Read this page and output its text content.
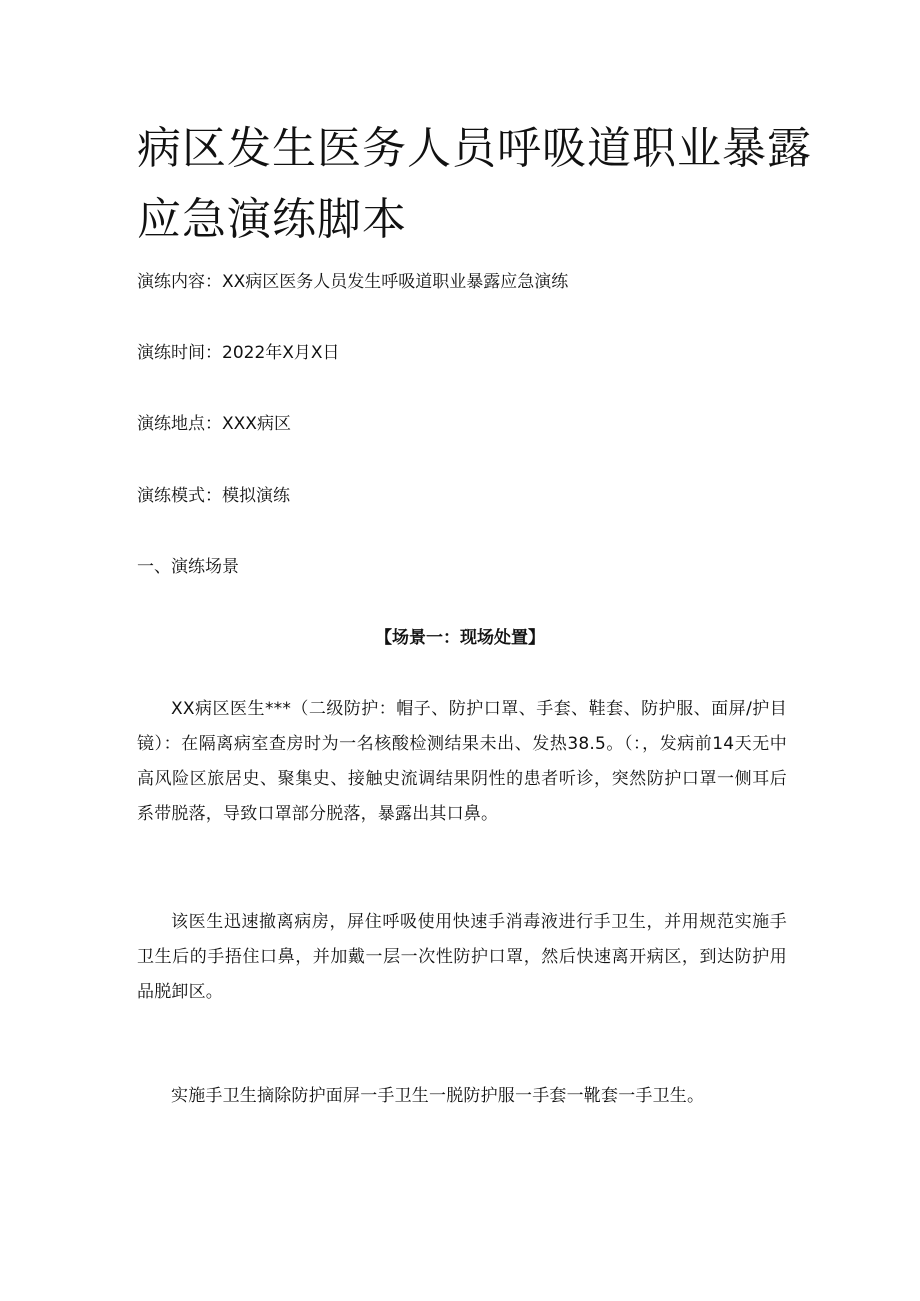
病区发生医务人员呼吸道职业暴露
应急演练脚本
演练内容：XX病区医务人员发生呼吸道职业暴露应急演练
演练时间：2022年X月X日
演练地点：XXX病区
演练模式：模拟演练
一、演练场景
【场景一：现场处置】

XX病区医生***（二级防护：帽子、防护口罩、手套、鞋套、防护服、面屏/护目镜）：在隔离病室查房时为一名核酸检测结果未出、发热38.5。（：，发病前14天无中高风险区旅居史、聚集史、接触史流调结果阴性的患者听诊，突然防护口罩一侧耳后系带脱落，导致口罩部分脱落，暴露出其口鼻。

该医生迅速撤离病房，屏住呼吸使用快速手消毒液进行手卫生，并用规范实施手卫生后的手捂住口鼻，并加戴一层一次性防护口罩，然后快速离开病区，到达防护用品脱卸区。

实施手卫生摘除防护面屏一手卫生一脱防护服一手套一靴套一手卫生。
